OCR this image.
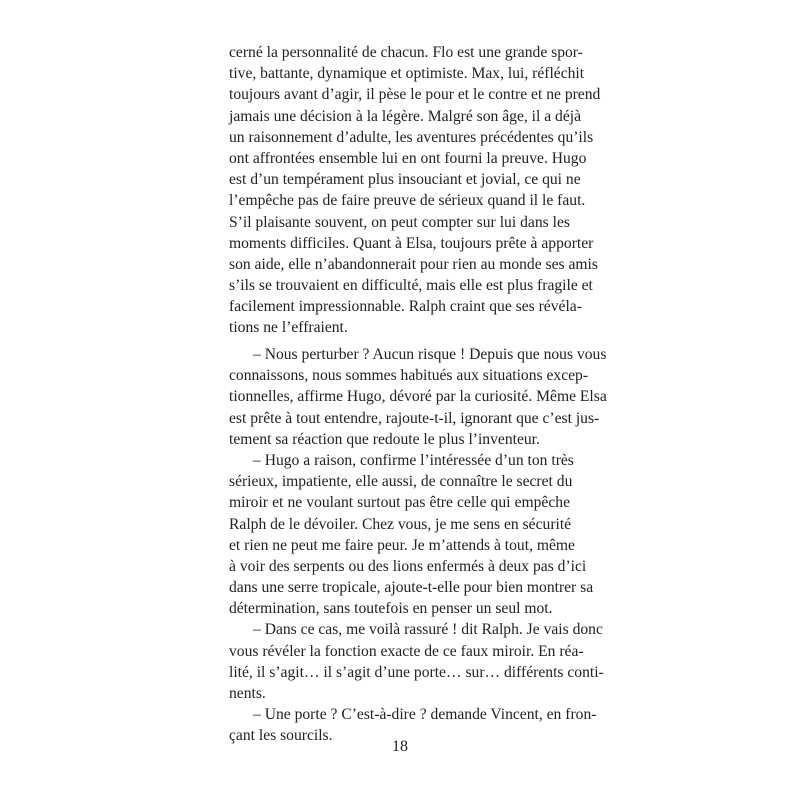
cerné la personnalité de chacun. Flo est une grande spor-
tive, battante, dynamique et optimiste. Max, lui, réfléchit
toujours avant d’agir, il pèse le pour et le contre et ne prend
jamais une décision à la légère. Malgré son âge, il a déjà
un raisonnement d’adulte, les aventures précédentes qu’ils
ont affrontées ensemble lui en ont fourni la preuve. Hugo
est d’un tempérament plus insouciant et jovial, ce qui ne
l’empêche pas de faire preuve de sérieux quand il le faut.
S’il plaisante souvent, on peut compter sur lui dans les
moments difficiles. Quant à Elsa, toujours prête à apporter
son aide, elle n’abandonnerait pour rien au monde ses amis
s’ils se trouvaient en difficulté, mais elle est plus fragile et
facilement impressionnable. Ralph craint que ses révéla-
tions ne l’effraient.
– Nous perturber ? Aucun risque ! Depuis que nous vous
connaissons, nous sommes habitués aux situations excep-
tionnelles, affirme Hugo, dévoré par la curiosité. Même Elsa
est prête à tout entendre, rajoute-t-il, ignorant que c’est jus-
tement sa réaction que redoute le plus l’inventeur.
– Hugo a raison, confirme l’intéressée d’un ton très
sérieux, impatiente, elle aussi, de connaître le secret du
miroir et ne voulant surtout pas être celle qui empêche
Ralph de le dévoiler. Chez vous, je me sens en sécurité
et rien ne peut me faire peur. Je m’attends à tout, même
à voir des serpents ou des lions enfermés à deux pas d’ici
dans une serre tropicale, ajoute-t-elle pour bien montrer sa
détermination, sans toutefois en penser un seul mot.
– Dans ce cas, me voilà rassuré ! dit Ralph. Je vais donc
vous révéler la fonction exacte de ce faux miroir. En réa-
lité, il s’agit… il s’agit d’une porte… sur… différents conti-
nents.
– Une porte ? C’est-à-dire ? demande Vincent, en fron-
çant les sourcils.
18
